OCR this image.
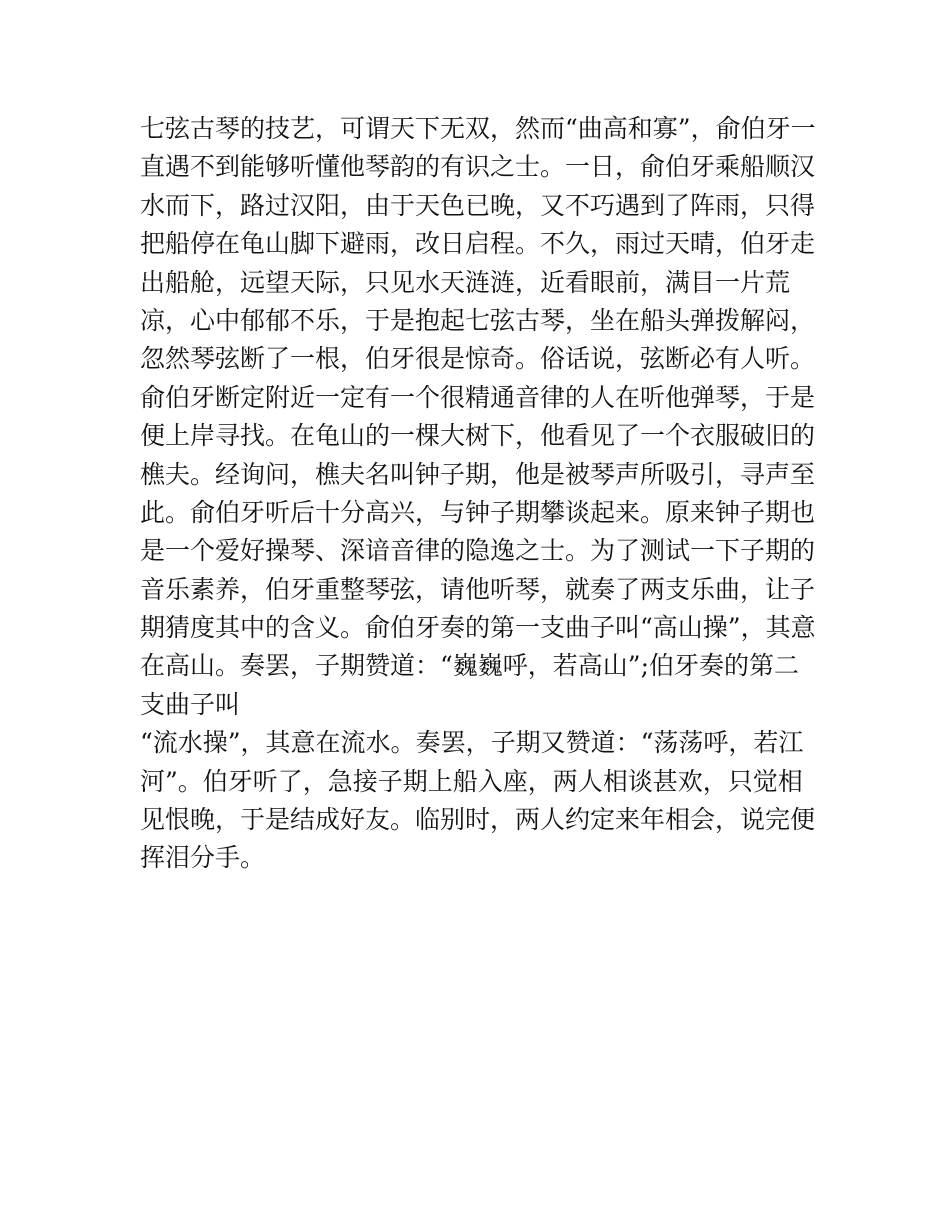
七弦古琴的技艺，可谓天下无双，然而“曲高和寡”，俞伯牙一

直遇不到能够听懂他琴韵的有识之士。一日，俞伯牙乘船顺汉

水而下，路过汉阳，由于天色已晚，又不巧遇到了阵雨，只得

把船停在龟山脚下避雨，改日启程。不久，雨过天晴，伯牙走

出船舱，远望天际，只见水天涟涟，近看眼前，满目一片荒

凉，心中郁郁不乐，于是抱起七弦古琴，坐在船头弹拨解闷，

忽然琴弦断了一根，伯牙很是惊奇。俗话说，弦断必有人听。

俞伯牙断定附近一定有一个很精通音律的人在听他弹琴，于是

便上岸寻找。在龟山的一棵大树下，他看见了一个衣服破旧的

樵夫。经询问，樵夫名叫钟子期，他是被琴声所吸引，寻声至

此。俞伯牙听后十分高兴，与钟子期攀谈起来。原来钟子期也

是一个爱好操琴、深谙音律的隐逸之士。为了测试一下子期的

音乐素养，伯牙重整琴弦，请他听琴，就奏了两支乐曲，让子

期猜度其中的含义。俞伯牙奏的第一支曲子叫“高山操”，其意

在高山。奏罢，子期赞道：“巍巍呼，若高山”;伯牙奏的第二

支曲子叫

“流水操”，其意在流水。奏罢，子期又赞道：“荡荡呼，若江

河”。伯牙听了，急接子期上船入座，两人相谈甚欢，只觉相

见恨晚，于是结成好友。临别时，两人约定来年相会，说完便

挥泪分手。
